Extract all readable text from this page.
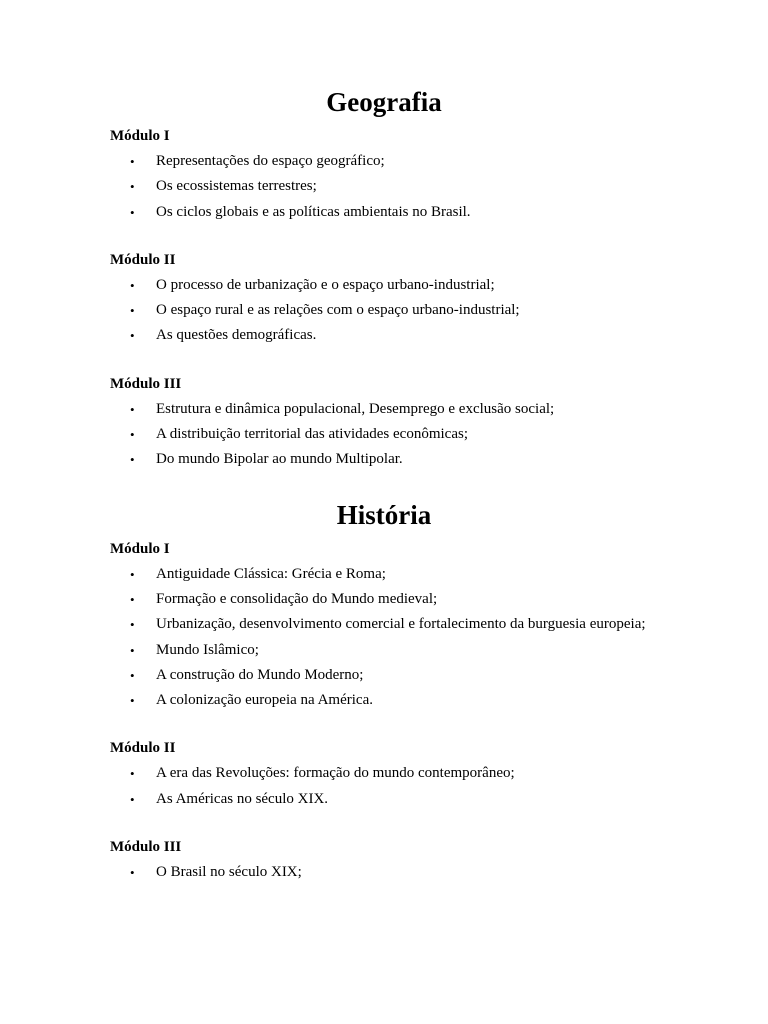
Geografia
Módulo I
• Representações do espaço geográfico;
• Os ecossistemas terrestres;
• Os ciclos globais e as políticas ambientais no Brasil.
Módulo II
• O processo de urbanização e o espaço urbano-industrial;
• O espaço rural e as relações com o espaço urbano-industrial;
• As questões demográficas.
Módulo III
• Estrutura e dinâmica populacional, Desemprego e exclusão social;
• A distribuição territorial das atividades econômicas;
• Do mundo Bipolar ao mundo Multipolar.
História
Módulo I
• Antiguidade Clássica: Grécia e Roma;
• Formação e consolidação do Mundo medieval;
• Urbanização, desenvolvimento comercial e fortalecimento da burguesia europeia;
• Mundo Islâmico;
• A construção do Mundo Moderno;
• A colonização europeia na América.
Módulo II
• A era das Revoluções: formação do mundo contemporâneo;
• As Américas no século XIX.
Módulo III
• O Brasil no século XIX;
